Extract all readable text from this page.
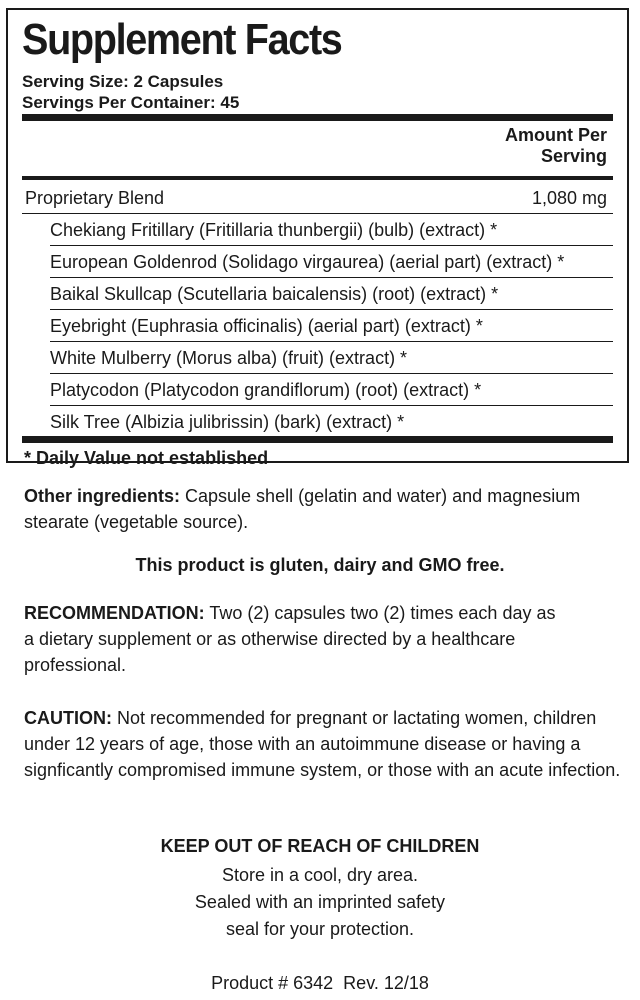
Supplement Facts
Serving Size: 2 Capsules
Servings Per Container: 45
Amount Per
Serving
Proprietary Blend	1,080 mg
Chekiang Fritillary (Fritillaria thunbergii) (bulb) (extract) *
European Goldenrod (Solidago virgaurea) (aerial part) (extract) *
Baikal Skullcap (Scutellaria baicalensis) (root) (extract) *
Eyebright (Euphrasia officinalis) (aerial part) (extract) *
White Mulberry (Morus alba) (fruit) (extract) *
Platycodon (Platycodon grandiflorum) (root) (extract) *
Silk Tree (Albizia julibrissin) (bark) (extract) *
* Daily Value not established

Other ingredients: Capsule shell (gelatin and water) and magnesium stearate (vegetable source).

This product is gluten, dairy and GMO free.

RECOMMENDATION: Two (2) capsules two (2) times each day as a dietary supplement or as otherwise directed by a healthcare professional.

CAUTION: Not recommended for pregnant or lactating women, children under 12 years of age, those with an autoimmune disease or having a signficantly compromised immune system, or those with an acute infection.

KEEP OUT OF REACH OF CHILDREN
Store in a cool, dry area.
Sealed with an imprinted safety
seal for your protection.
Product # 6342  Rev. 12/18
